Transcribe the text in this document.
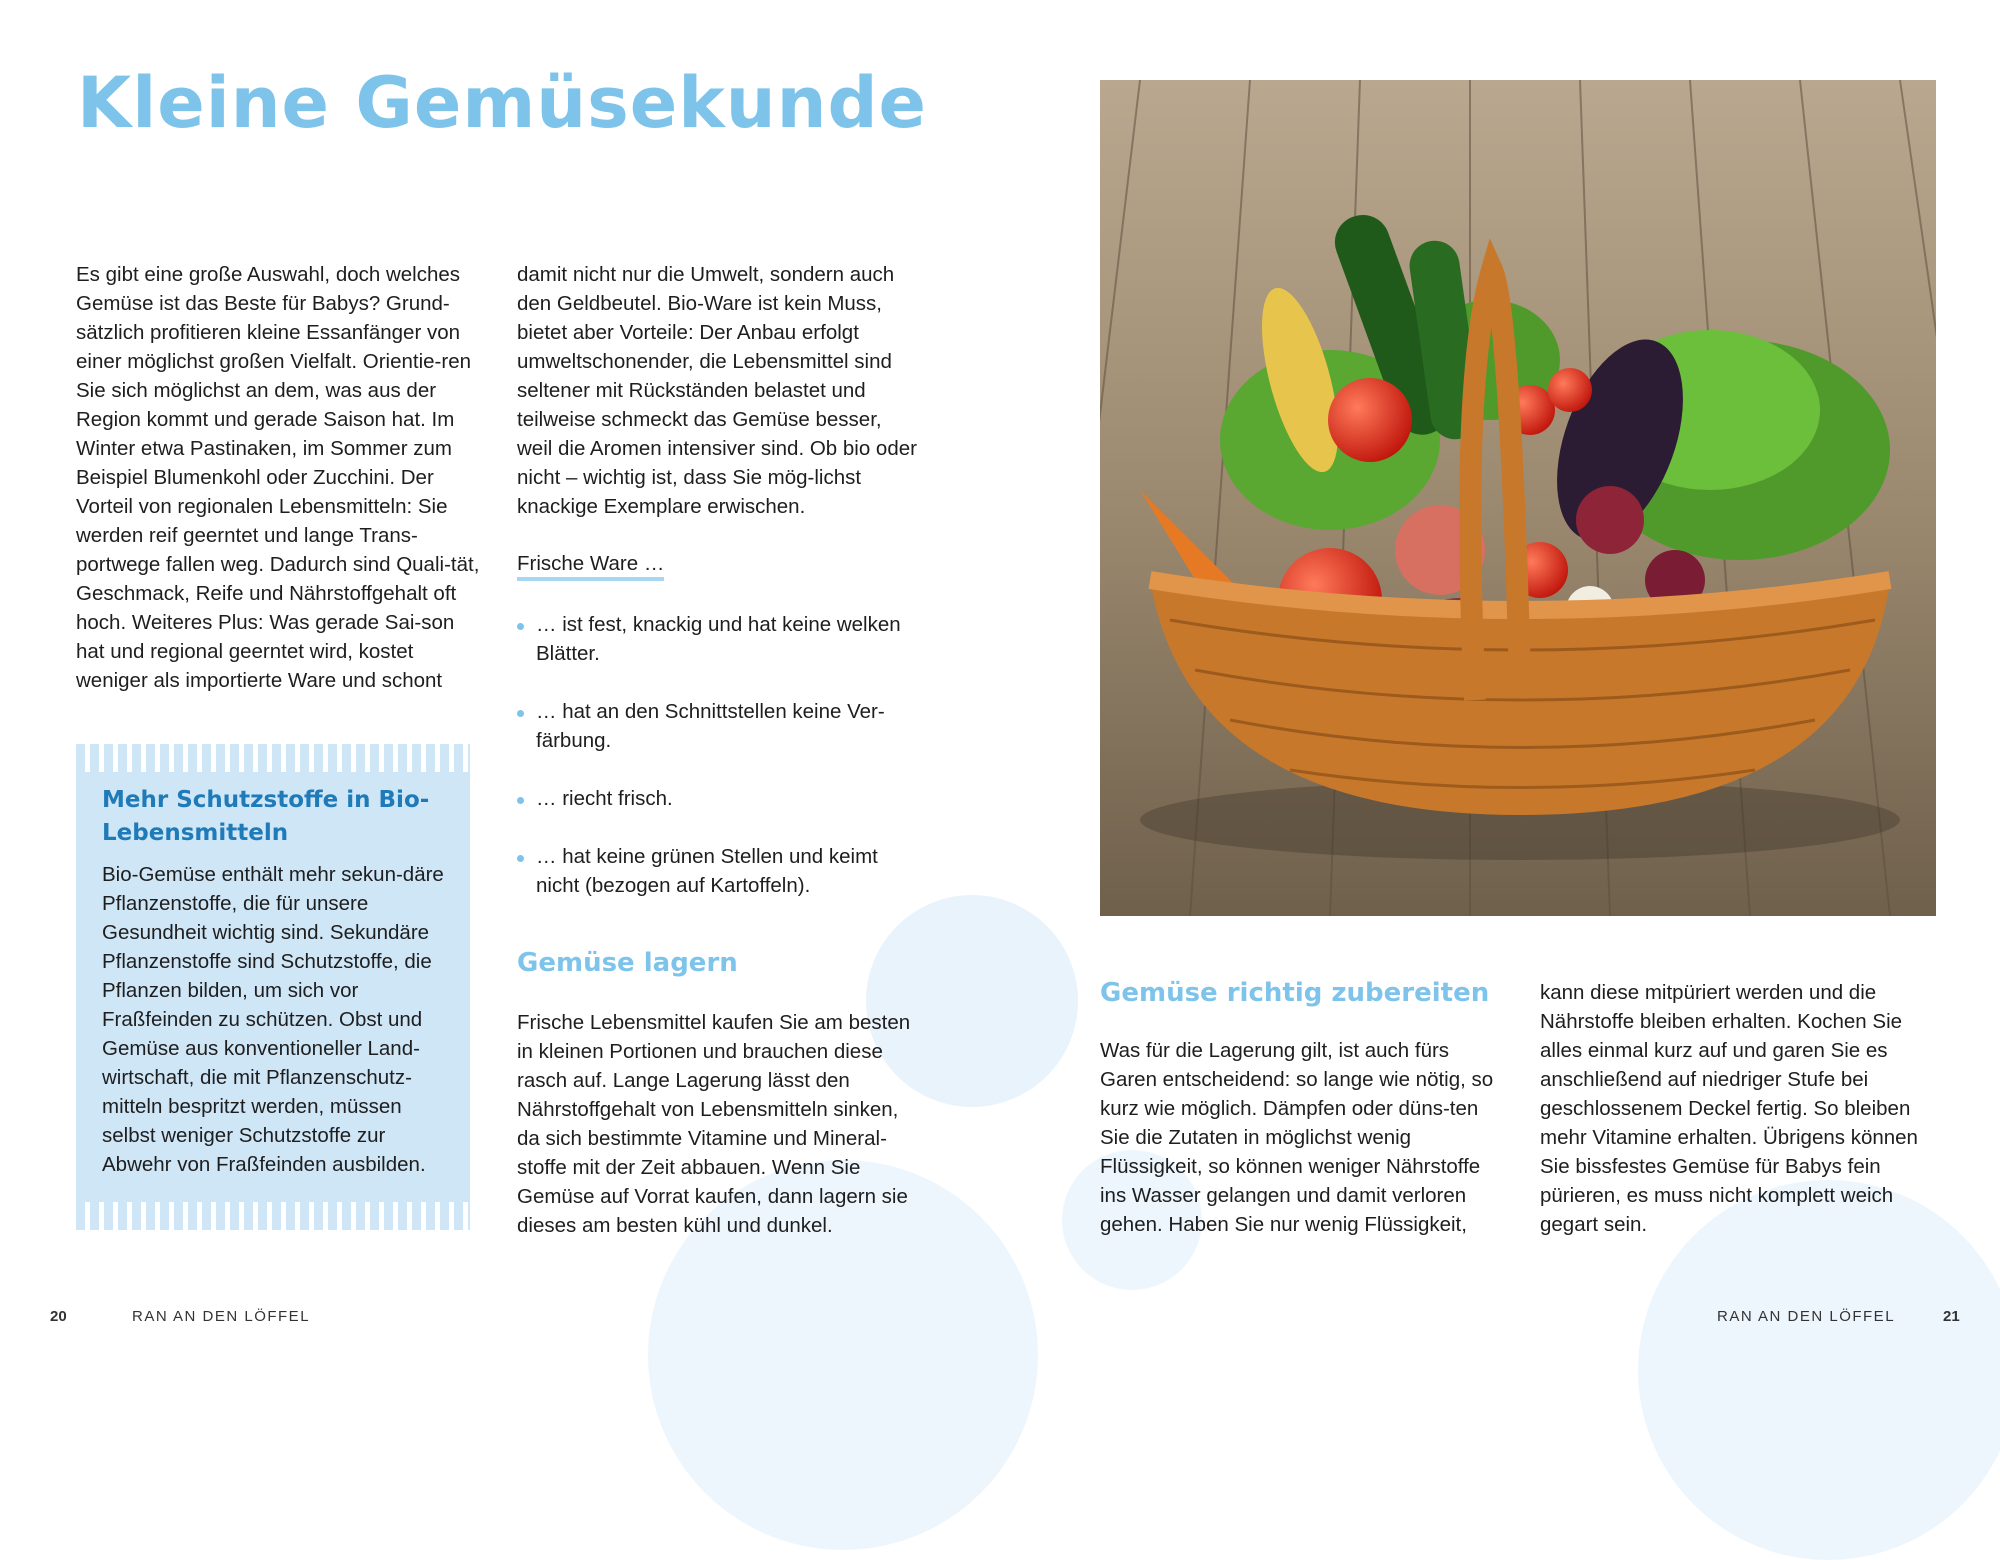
Kleine Gemüsekunde

Es gibt eine große Auswahl, doch welches Gemüse ist das Beste für Babys? Grund-sätzlich profitieren kleine Essanfänger von einer möglichst großen Vielfalt. Orientie-ren Sie sich möglichst an dem, was aus der Region kommt und gerade Saison hat. Im Winter etwa Pastinaken, im Sommer zum Beispiel Blumenkohl oder Zucchini. Der Vorteil von regionalen Lebensmitteln: Sie werden reif geerntet und lange Trans-portwege fallen weg. Dadurch sind Quali-tät, Geschmack, Reife und Nährstoffgehalt oft hoch. Weiteres Plus: Was gerade Sai-son hat und regional geerntet wird, kostet weniger als importierte Ware und schont

Mehr Schutzstoffe in Bio-Lebensmitteln

Bio-Gemüse enthält mehr sekun-däre Pflanzenstoffe, die für unsere Gesundheit wichtig sind. Sekundäre Pflanzenstoffe sind Schutzstoffe, die Pflanzen bilden, um sich vor Fraßfeinden zu schützen. Obst und Gemüse aus konventioneller Land-wirtschaft, die mit Pflanzenschutz-mitteln bespritzt werden, müssen selbst weniger Schutzstoffe zur Abwehr von Fraßfeinden ausbilden.

damit nicht nur die Umwelt, sondern auch den Geldbeutel. Bio-Ware ist kein Muss, bietet aber Vorteile: Der Anbau erfolgt umweltschonender, die Lebensmittel sind seltener mit Rückständen belastet und teilweise schmeckt das Gemüse besser, weil die Aromen intensiver sind. Ob bio oder nicht – wichtig ist, dass Sie mög-lichst knackige Exemplare erwischen.

Frische Ware …
… ist fest, knackig und hat keine welken Blätter.
… hat an den Schnittstellen keine Ver-färbung.
… riecht frisch.
… hat keine grünen Stellen und keimt nicht (bezogen auf Kartoffeln).
Gemüse lagern

Frische Lebensmittel kaufen Sie am besten in kleinen Portionen und brauchen diese rasch auf. Lange Lagerung lässt den Nährstoffgehalt von Lebensmitteln sinken, da sich bestimmte Vitamine und Mineral-stoffe mit der Zeit abbauen. Wenn Sie Gemüse auf Vorrat kaufen, dann lagern sie dieses am besten kühl und dunkel.

Gemüse richtig zubereiten

Was für die Lagerung gilt, ist auch fürs Garen entscheidend: so lange wie nötig, so kurz wie möglich. Dämpfen oder düns-ten Sie die Zutaten in möglichst wenig Flüssigkeit, so können weniger Nährstoffe ins Wasser gelangen und damit verloren gehen. Haben Sie nur wenig Flüssigkeit,

kann diese mitpüriert werden und die Nährstoffe bleiben erhalten. Kochen Sie alles einmal kurz auf und garen Sie es anschließend auf niedriger Stufe bei geschlossenem Deckel fertig. So bleiben mehr Vitamine erhalten. Übrigens können Sie bissfestes Gemüse für Babys fein pürieren, es muss nicht komplett weich gegart sein.

20	RAN AN DEN LÖFFEL	RAN AN DEN LÖFFEL	21
